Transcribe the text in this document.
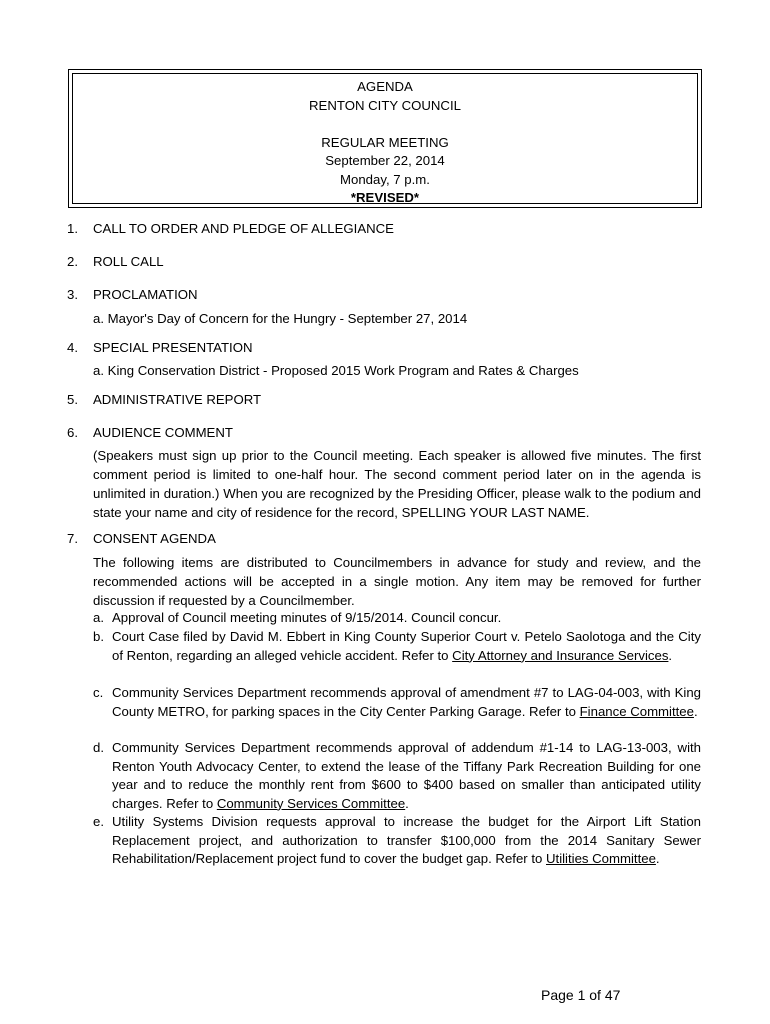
AGENDA
RENTON CITY COUNCIL
REGULAR MEETING
September 22, 2014
Monday, 7 p.m.
*REVISED*
1.	CALL TO ORDER AND PLEDGE OF ALLEGIANCE
2.	ROLL CALL
3.	PROCLAMATION
a. Mayor's Day of Concern for the Hungry - September 27, 2014
4.	SPECIAL PRESENTATION
a. King Conservation District - Proposed 2015 Work Program and Rates & Charges
5.	ADMINISTRATIVE REPORT
6.	AUDIENCE COMMENT

(Speakers must sign up prior to the Council meeting. Each speaker is allowed five minutes. The first comment period is limited to one-half hour. The second comment period later on in the agenda is unlimited in duration.) When you are recognized by the Presiding Officer, please walk to the podium and state your name and city of residence for the record, SPELLING YOUR LAST NAME.

7.	CONSENT AGENDA

The following items are distributed to Councilmembers in advance for study and review, and the recommended actions will be accepted in a single motion. Any item may be removed for further discussion if requested by a Councilmember.

a. Approval of Council meeting minutes of 9/15/2014. Council concur.
b. Court Case filed by David M. Ebbert in King County Superior Court v. Petelo Saolotoga and the City of Renton, regarding an alleged vehicle accident. Refer to City Attorney and Insurance Services.
c. Community Services Department recommends approval of amendment #7 to LAG-04-003, with King County METRO, for parking spaces in the City Center Parking Garage. Refer to Finance Committee.
d. Community Services Department recommends approval of addendum #1-14 to LAG-13-003, with Renton Youth Advocacy Center, to extend the lease of the Tiffany Park Recreation Building for one year and to reduce the monthly rent from $600 to $400 based on smaller than anticipated utility charges. Refer to Community Services Committee.
e. Utility Systems Division requests approval to increase the budget for the Airport Lift Station Replacement project, and authorization to transfer $100,000 from the 2014 Sanitary Sewer Rehabilitation/Replacement project fund to cover the budget gap. Refer to Utilities Committee.
Page 1 of 47
